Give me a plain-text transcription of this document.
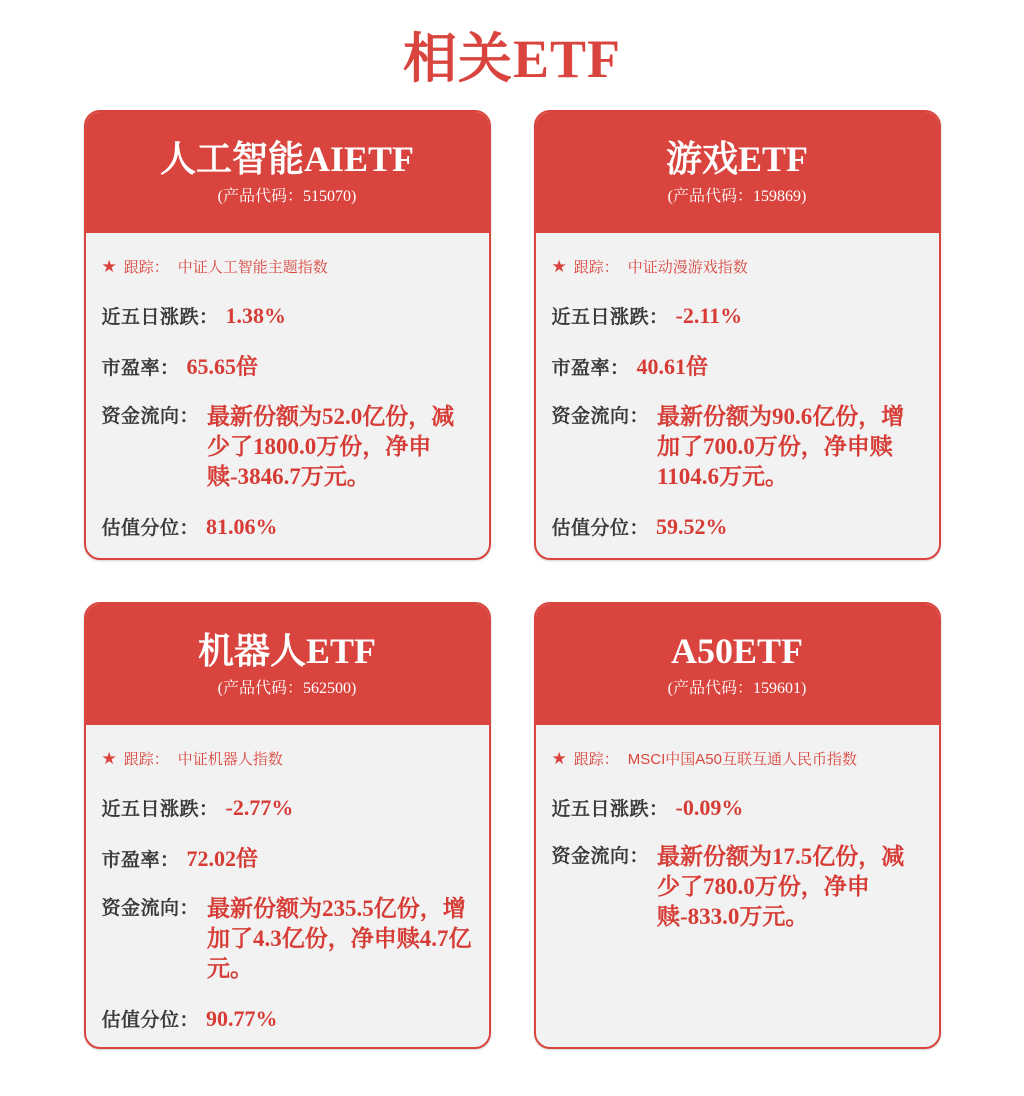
相关ETF
人工智能AIETF
(产品代码：515070)
★ 跟踪： 中证人工智能主题指数
近五日涨跌： 1.38%
市盈率： 65.65倍
资金流向： 最新份额为52.0亿份，减少了1800.0万份，净申赎-3846.7万元。
估值分位： 81.06%
游戏ETF
(产品代码：159869)
★ 跟踪： 中证动漫游戏指数
近五日涨跌： -2.11%
市盈率： 40.61倍
资金流向： 最新份额为90.6亿份，增加了700.0万份，净申赎1104.6万元。
估值分位： 59.52%
机器人ETF
(产品代码：562500)
★ 跟踪： 中证机器人指数
近五日涨跌： -2.77%
市盈率： 72.02倍
资金流向： 最新份额为235.5亿份，增加了4.3亿份，净申赎4.7亿元。
估值分位： 90.77%
A50ETF
(产品代码：159601)
★ 跟踪： MSCI中国A50互联互通人民币指数
近五日涨跌： -0.09%
资金流向： 最新份额为17.5亿份，减少了780.0万份，净申赎-833.0万元。
